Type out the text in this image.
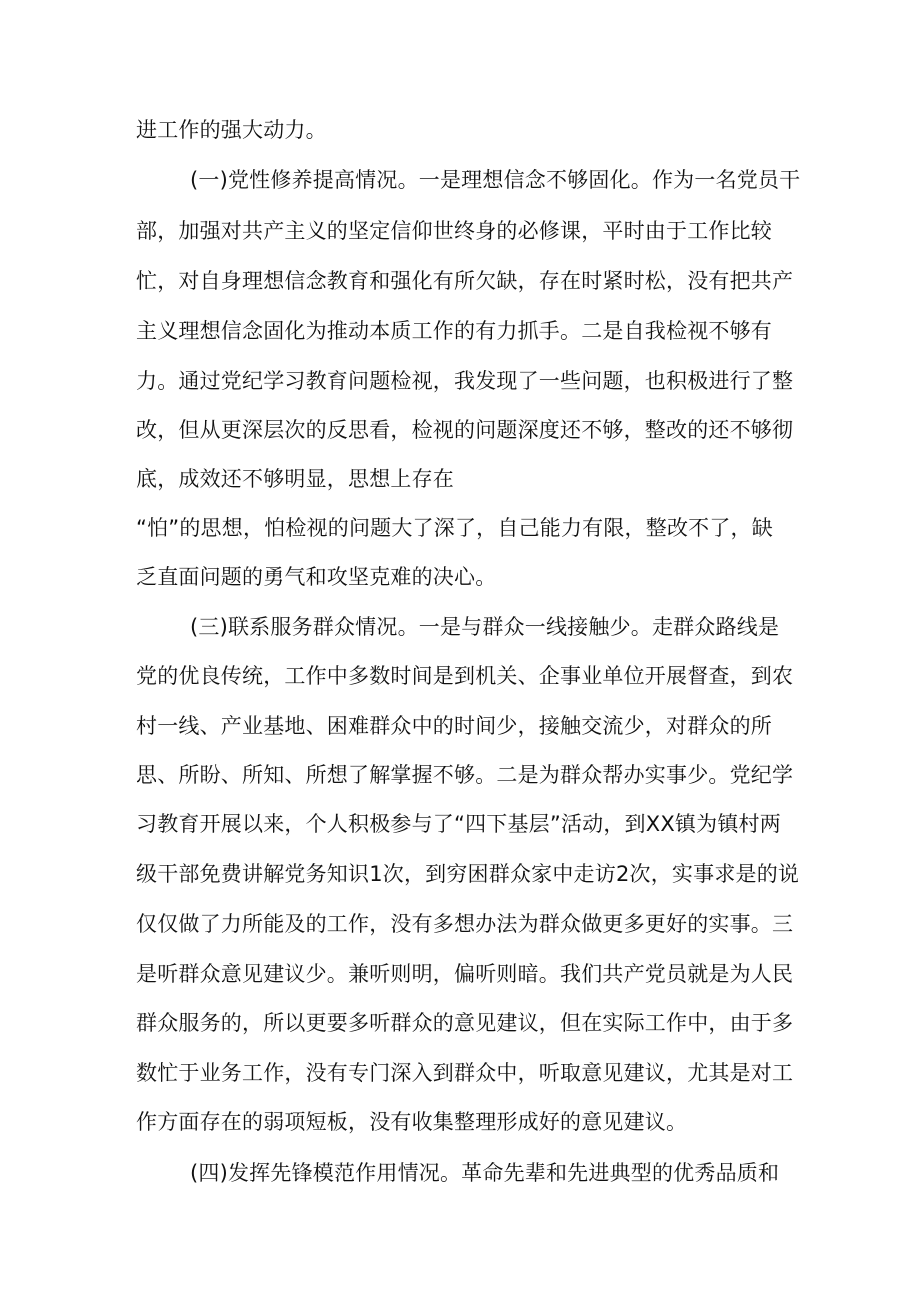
进工作的强大动力。
(一)党性修养提高情况。一是理想信念不够固化。作为一名党员干
部，加强对共产主义的坚定信仰世终身的必修课，平时由于工作比较
忙，对自身理想信念教育和强化有所欠缺，存在时紧时松，没有把共产
主义理想信念固化为推动本质工作的有力抓手。二是自我检视不够有
力。通过党纪学习教育问题检视，我发现了一些问题，也积极进行了整
改，但从更深层次的反思看，检视的问题深度还不够，整改的还不够彻
底，成效还不够明显，思想上存在
“怕”的思想，怕检视的问题大了深了，自己能力有限，整改不了，缺
乏直面问题的勇气和攻坚克难的决心。
(三)联系服务群众情况。一是与群众一线接触少。走群众路线是
党的优良传统，工作中多数时间是到机关、企事业单位开展督查，到农
村一线、产业基地、困难群众中的时间少，接触交流少，对群众的所
思、所盼、所知、所想了解掌握不够。二是为群众帮办实事少。党纪学
习教育开展以来，个人积极参与了“四下基层”活动，到XX镇为镇村两
级干部免费讲解党务知识1次，到穷困群众家中走访2次，实事求是的说
仅仅做了力所能及的工作，没有多想办法为群众做更多更好的实事。三
是听群众意见建议少。兼听则明，偏听则暗。我们共产党员就是为人民
群众服务的，所以更要多听群众的意见建议，但在实际工作中，由于多
数忙于业务工作，没有专门深入到群众中，听取意见建议，尤其是对工
作方面存在的弱项短板，没有收集整理形成好的意见建议。
(四)发挥先锋模范作用情况。革命先辈和先进典型的优秀品质和
